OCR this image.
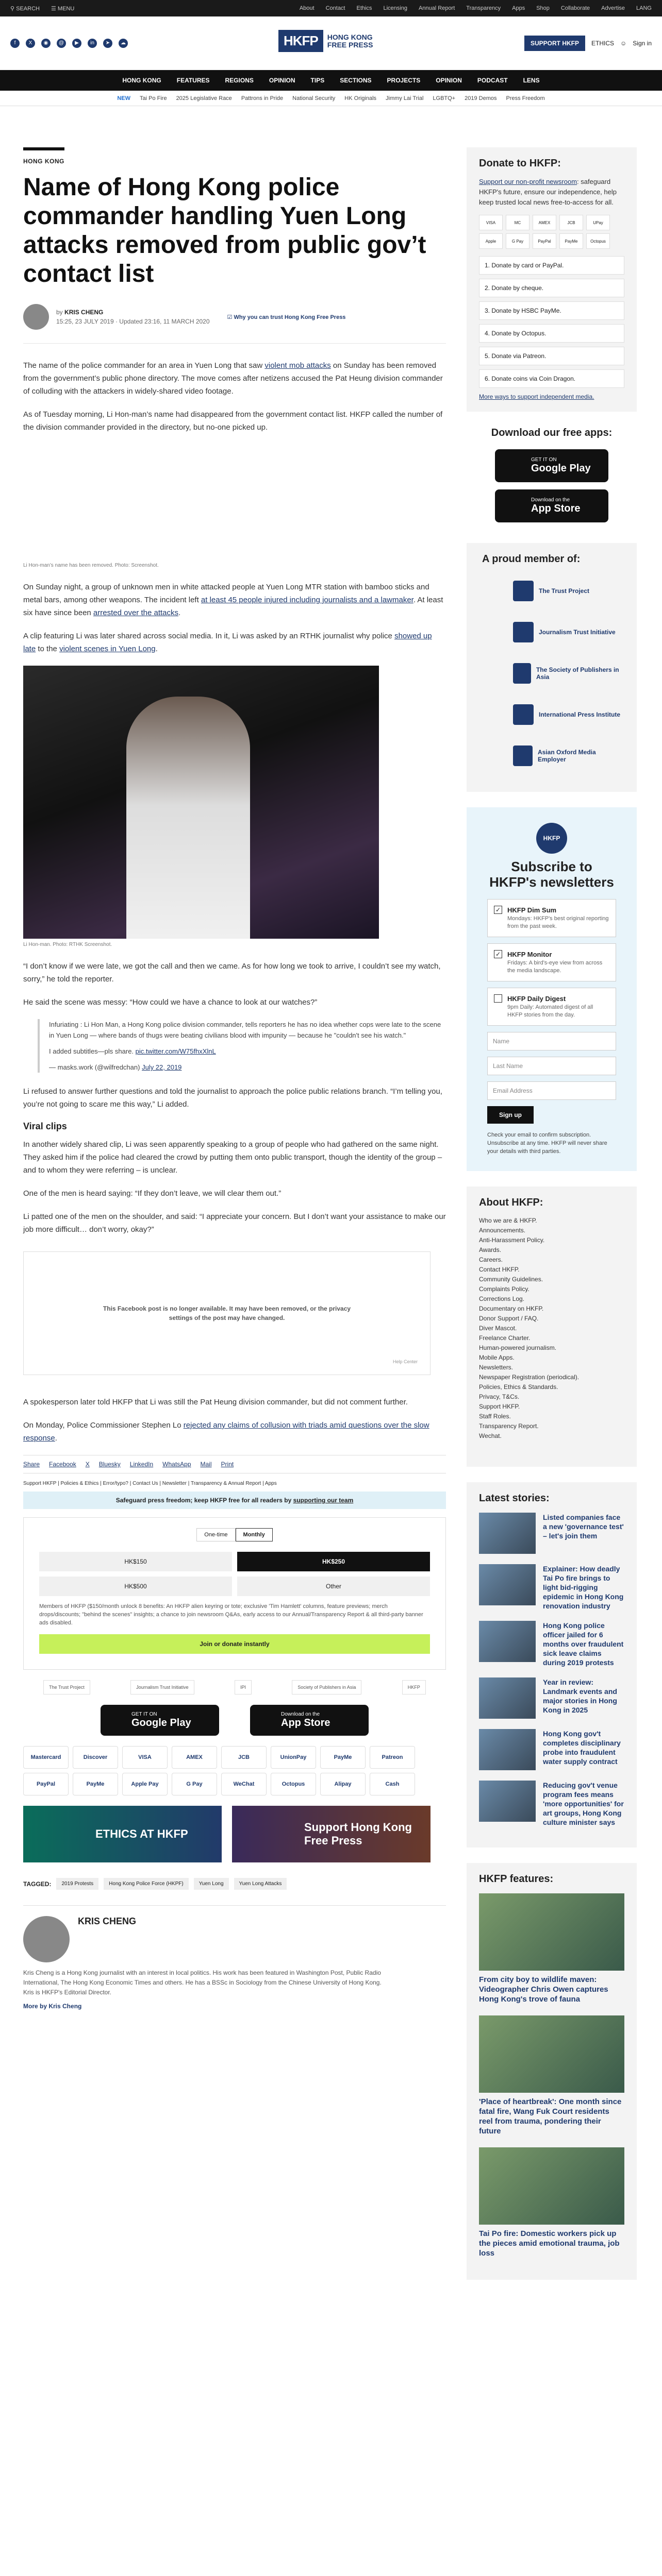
⚲ SEARCH ☰ MENU	About Contact Ethics Licensing Annual Report Transparency Apps Shop Collaborate Advertise LANG
f	X	◉	@	▶	in	➤	☁	HKFP	HONG KONG
FREE PRESS	SUPPORT HKFP	ETHICS ☺ Sign in
HONG KONG	FEATURES	REGIONS	OPINION	TIPS	SECTIONS	PROJECTS	OPINION	PODCAST	LENS
NEW Tai Po Fire 2025 Legislative Race Pattrons in Pride National Security HK Originals Jimmy Lai Trial LGBTQ+ 2019 Demos Press Freedom
HONG KONG
Name of Hong Kong police commander handling Yuen Long attacks removed from public gov’t contact list
by KRIS CHENG
15:25, 23 JULY 2019 · Updated 23:16, 11 MARCH 2020
☑ Why you can trust Hong Kong Free Press

The name of the police commander for an area in Yuen Long that saw violent mob attacks on Sunday has been removed from the government’s public phone directory. The move comes after netizens accused the Pat Heung division commander of colluding with the attackers in widely-shared video footage.

As of Tuesday morning, Li Hon-man’s name had disappeared from the government contact list. HKFP called the number of the division commander provided in the directory, but no-one picked up.

Li Hon-man’s name has been removed. Photo: Screenshot.

On Sunday night, a group of unknown men in white attacked people at Yuen Long MTR station with bamboo sticks and metal bars, among other weapons. The incident left at least 45 people injured including journalists and a lawmaker. At least six have since been arrested over the attacks.

A clip featuring Li was later shared across social media. In it, Li was asked by an RTHK journalist why police showed up late to the violent scenes in Yuen Long.

Li Hon-man. Photo: RTHK Screenshot.

“I don’t know if we were late, we got the call and then we came. As for how long we took to arrive, I couldn’t see my watch, sorry,” he told the reporter.

He said the scene was messy: “How could we have a chance to look at our watches?”

Infuriating : Li Hon Man, a Hong Kong police division commander, tells reporters he has no idea whether cops were late to the scene in Yuen Long — where bands of thugs were beating civilians blood with impunity — because he "couldn't see his watch."
I added subtitles—pls share. pic.twitter.com/W75fhxXlnL
— masks.work (@wilfredchan) July 22, 2019

Li refused to answer further questions and told the journalist to approach the police public relations branch. “I’m telling you, you’re not going to scare me this way,” Li added.

Viral clips

In another widely shared clip, Li was seen apparently speaking to a group of people who had gathered on the same night. They asked him if the police had cleared the crowd by putting them onto public transport, though the identity of the group – and to whom they were referring – is unclear.

One of the men is heard saying: “If they don’t leave, we will clear them out.”

Li patted one of the men on the shoulder, and said: “I appreciate your concern. But I don’t want your assistance to make our job more difficult… don’t worry, okay?”

This Facebook post is no longer available. It may have been removed, or the privacy settings of the post may have changed.
Help Center

A spokesperson later told HKFP that Li was still the Pat Heung division commander, but did not comment further.

On Monday, Police Commissioner Stephen Lo rejected any claims of collusion with triads amid questions over the slow response.

Share Facebook X Bluesky LinkedIn WhatsApp Mail Print
Support HKFP | Policies & Ethics | Error/typo? | Contact Us | Newsletter | Transparency & Annual Report | Apps
Safeguard press freedom; keep HKFP free for all readers by supporting our team
One-time	Monthly
HK$150	HK$250
HK$500	Other
Members of HKFP ($150/month unlock 8 benefits: An HKFP alien keyring or tote; exclusive 'Tim Hamlett' columns, feature previews; merch drops/discounts; "behind the scenes" insights; a chance to join newsroom Q&As, early access to our Annual/Transparency Report & all third-party banner ads disabled.
Join or donate instantly
The Trust Project	Journalism Trust Initiative	IPI	Society of Publishers in Asia	HKFP
GET IT ON
Google Play
Download on the
App Store
Mastercard	Discover	VISA	AMEX	JCB	UnionPay	PayMe	Patreon
PayPal	PayMe	Apple Pay	G Pay	WeChat	Octopus	Alipay	Cash
ETHICS AT HKFP
Support Hong Kong Free Press
TAGGED:	2019 Protests	Hong Kong Police Force (HKPF)	Yuen Long	Yuen Long Attacks
KRIS CHENG
Kris Cheng is a Hong Kong journalist with an interest in local politics. His work has been featured in Washington Post, Public Radio International, The Hong Kong Economic Times and others. He has a BSSc in Sociology from the Chinese University of Hong Kong. Kris is HKFP's Editorial Director.
More by Kris Cheng
Donate to HKFP:
Support our non-profit newsroom: safeguard HKFP's future, ensure our independence, help keep trusted local news free-to-access for all.
VISA	MC	AMEX	JCB	UPay
Apple	G Pay	PayPal	PayMe	Octopus
1. Donate by card or PayPal.
2. Donate by cheque.
3. Donate by HSBC PayMe.
4. Donate by Octopus.
5. Donate via Patreon.
6. Donate coins via Coin Dragon.
More ways to support independent media.
Download our free apps:
GET IT ON
Google Play
Download on the
App Store
A proud member of:
The Trust Project
Journalism Trust Initiative
The Society of Publishers in Asia
International Press Institute
Asian Oxford Media Employer
HKFP
Subscribe to HKFP's newsletters
✓ HKFP Dim Sum
Mondays: HKFP's best original reporting from the past week.
✓ HKFP Monitor
Fridays: A bird's-eye view from across the media landscape.
HKFP Daily Digest
9pm Daily: Automated digest of all HKFP stories from the day.
Name
Last Name
Email Address
Sign up
Check your email to confirm subscription. Unsubscribe at any time. HKFP will never share your details with third parties.
About HKFP:
Who we are & HKFP.
Announcements.
Anti-Harassment Policy.
Awards.
Careers.
Contact HKFP.
Community Guidelines.
Complaints Policy.
Corrections Log.
Documentary on HKFP.
Donor Support / FAQ.
Diver Mascot.
Freelance Charter.
Human-powered journalism.
Mobile Apps.
Newsletters.
Newspaper Registration (periodical).
Policies, Ethics & Standards.
Privacy, T&Cs.
Support HKFP.
Staff Roles.
Transparency Report.
Wechat.
Latest stories:
Listed companies face a new 'governance test' – let's join them
Explainer: How deadly Tai Po fire brings to light bid-rigging epidemic in Hong Kong renovation industry
Hong Kong police officer jailed for 6 months over fraudulent sick leave claims during 2019 protests
Year in review: Landmark events and major stories in Hong Kong in 2025
Hong Kong gov't completes disciplinary probe into fraudulent water supply contract
Reducing gov't venue program fees means 'more opportunities' for art groups, Hong Kong culture minister says
HKFP features:
From city boy to wildlife maven: Videographer Chris Owen captures Hong Kong's trove of fauna
'Place of heartbreak': One month since fatal fire, Wang Fuk Court residents reel from trauma, pondering their future
Tai Po fire: Domestic workers pick up the pieces amid emotional trauma, job loss
